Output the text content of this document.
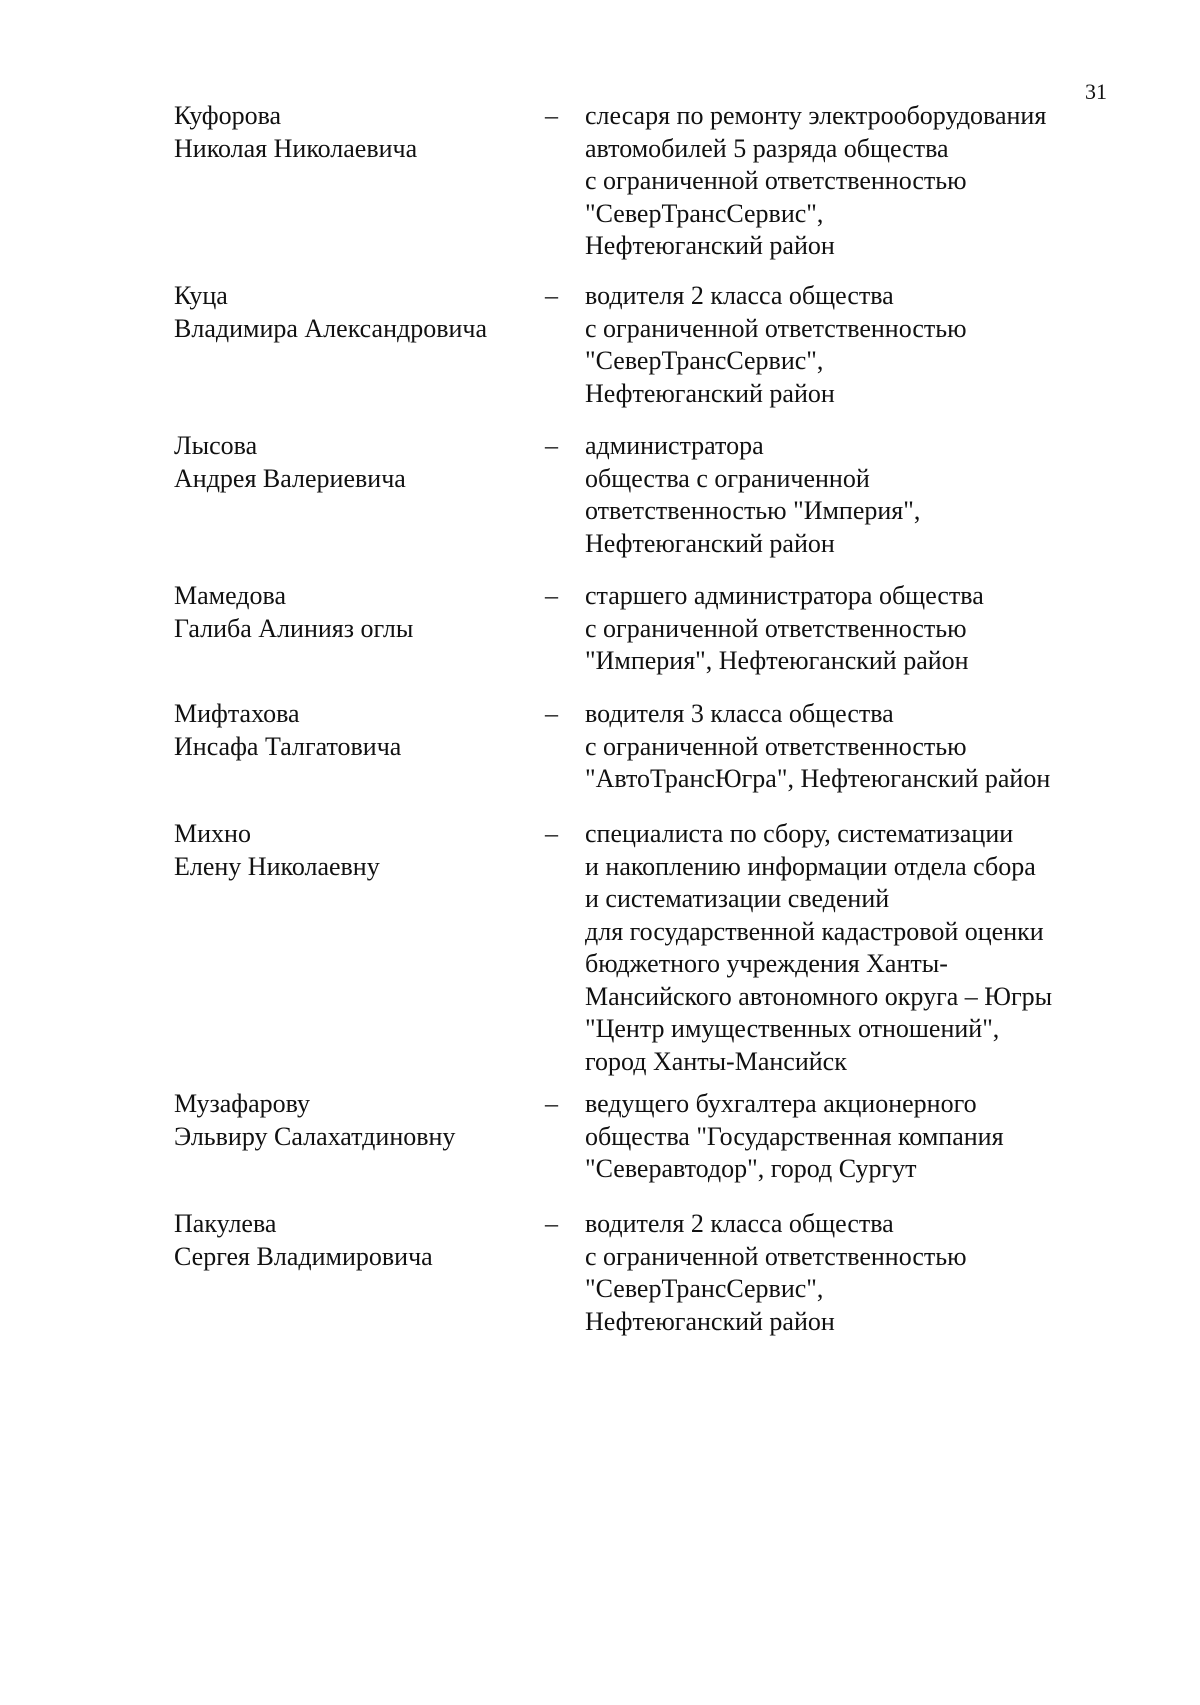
31

Куфорова
Николая Николаевича

– слесаря по ремонту электрооборудования
автомобилей 5 разряда общества
с ограниченной ответственностью
"СеверТрансСервис",
Нефтеюганский район

Куца
Владимира Александровича

– водителя 2 класса общества
с ограниченной ответственностью
"СеверТрансСервис",
Нефтеюганский район

Лысова
Андрея Валериевича

– администратора
общества с ограниченной
ответственностью "Империя",
Нефтеюганский район

Мамедова
Галиба Алинияз оглы

– старшего администратора общества
с ограниченной ответственностью
"Империя", Нефтеюганский район

Мифтахова
Инсафа Талгатовича

– водителя 3 класса общества
с ограниченной ответственностью
"АвтоТрансЮгра", Нефтеюганский район

Михно
Елену Николаевну

– специалиста по сбору, систематизации
и накоплению информации отдела сбора
и систематизации сведений
для государственной кадастровой оценки
бюджетного учреждения Ханты-
Мансийского автономного округа – Югры
"Центр имущественных отношений",
город Ханты-Мансийск

Музафарову
Эльвиру Салахатдиновну

– ведущего бухгалтера акционерного
общества "Государственная компания
"Северавтодор", город Сургут

Пакулева
Сергея Владимировича

– водителя 2 класса общества
с ограниченной ответственностью
"СеверТрансСервис",
Нефтеюганский район
